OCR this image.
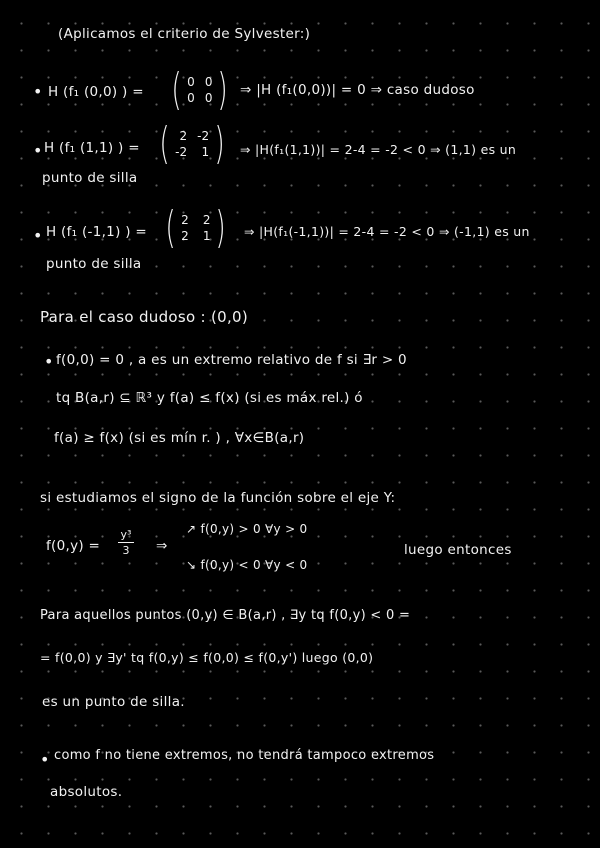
(Aplicamos el criterio de Sylvester:)
• H (f₁ (0,0) ) = ( 0 0
0 0 ) ⇒ |H (f₁(0,0))| = 0 ⇒ caso dudoso
• H (f₁ (1,1) ) = ( 2 -2
-2	1 ) ⇒ |H(f₁(1,1))| = 2-4 = -2 < 0 ⇒ (1,1) es un
punto de silla
• H (f₁ (-1,1) ) = ( 2 2
2 1 ) ⇒ |H(f₁(-1,1))| = 2-4 = -2 < 0 ⇒ (-1,1) es un
punto de silla
Para el caso dudoso : (0,0)
• f(0,0) = 0 , a es un extremo relativo de f si ∃r > 0
tq B(a,r) ⊆ ℝ³ y f(a) ≤ f(x) (si es máx rel.) ó
f(a) ≥ f(x) (si es mín r. ) , ∀x∈B(a,r)
si estudiamos el signo de la función sobre el eje Y:
f(0,y) =
y³
3 ⇒
↗ f(0,y) > 0 ∀y > 0
↘ f(0,y) < 0 ∀y < 0
luego entonces
Para aquellos puntos (0,y) ∈ B(a,r) , ∃y tq f(0,y) < 0 =
= f(0,0) y ∃y' tq f(0,y) ≤ f(0,0) ≤ f(0,y') luego (0,0)
es un punto de silla.
• como f no tiene extremos, no tendrá tampoco extremos
absolutos.
